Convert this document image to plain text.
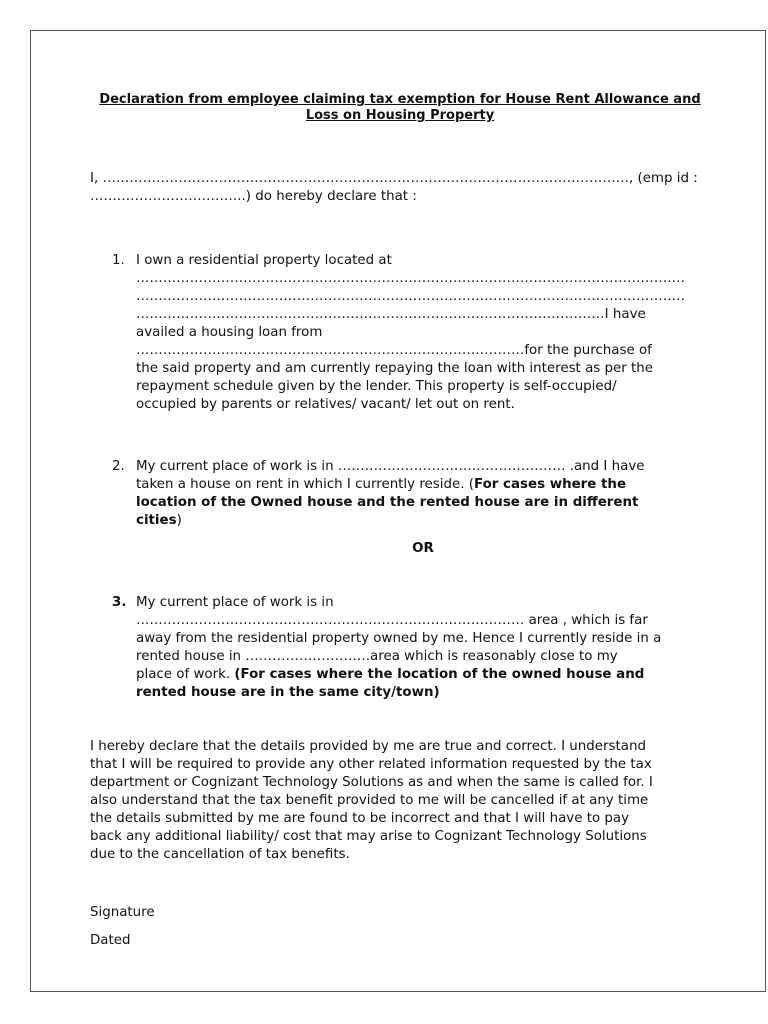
Declaration from employee claiming tax exemption for House Rent Allowance and
Loss on Housing Property
I, ………………………………………………………………………………………………………., (emp id :
……………………………..) do hereby declare that :
1. I own a residential property located at
……………………………………………………………………………………………………………
……………………………………………………………………………………………………………
……………………………………………………………………………………………I have
availed a housing loan from
……………………………………………………………………………for the purchase of
the said property and am currently repaying the loan with interest as per the
repayment schedule given by the lender. This property is self-occupied/
occupied by parents or relatives/ vacant/ let out on rent.
2. My current place of work is in …………………………………………… .and I have
taken a house on rent in which I currently reside. (For cases where the
location of the Owned house and the rented house are in different
cities)
OR
3. My current place of work is in
…………………………………………………………………………… area , which is far
away from the residential property owned by me. Hence I currently reside in a
rented house in ……………………….area which is reasonably close to my
place of work. (For cases where the location of the owned house and
rented house are in the same city/town)
I hereby declare that the details provided by me are true and correct. I understand
that I will be required to provide any other related information requested by the tax
department or Cognizant Technology Solutions as and when the same is called for. I
also understand that the tax benefit provided to me will be cancelled if at any time
the details submitted by me are found to be incorrect and that I will have to pay
back any additional liability/ cost that may arise to Cognizant Technology Solutions
due to the cancellation of tax benefits.
Signature
Dated
